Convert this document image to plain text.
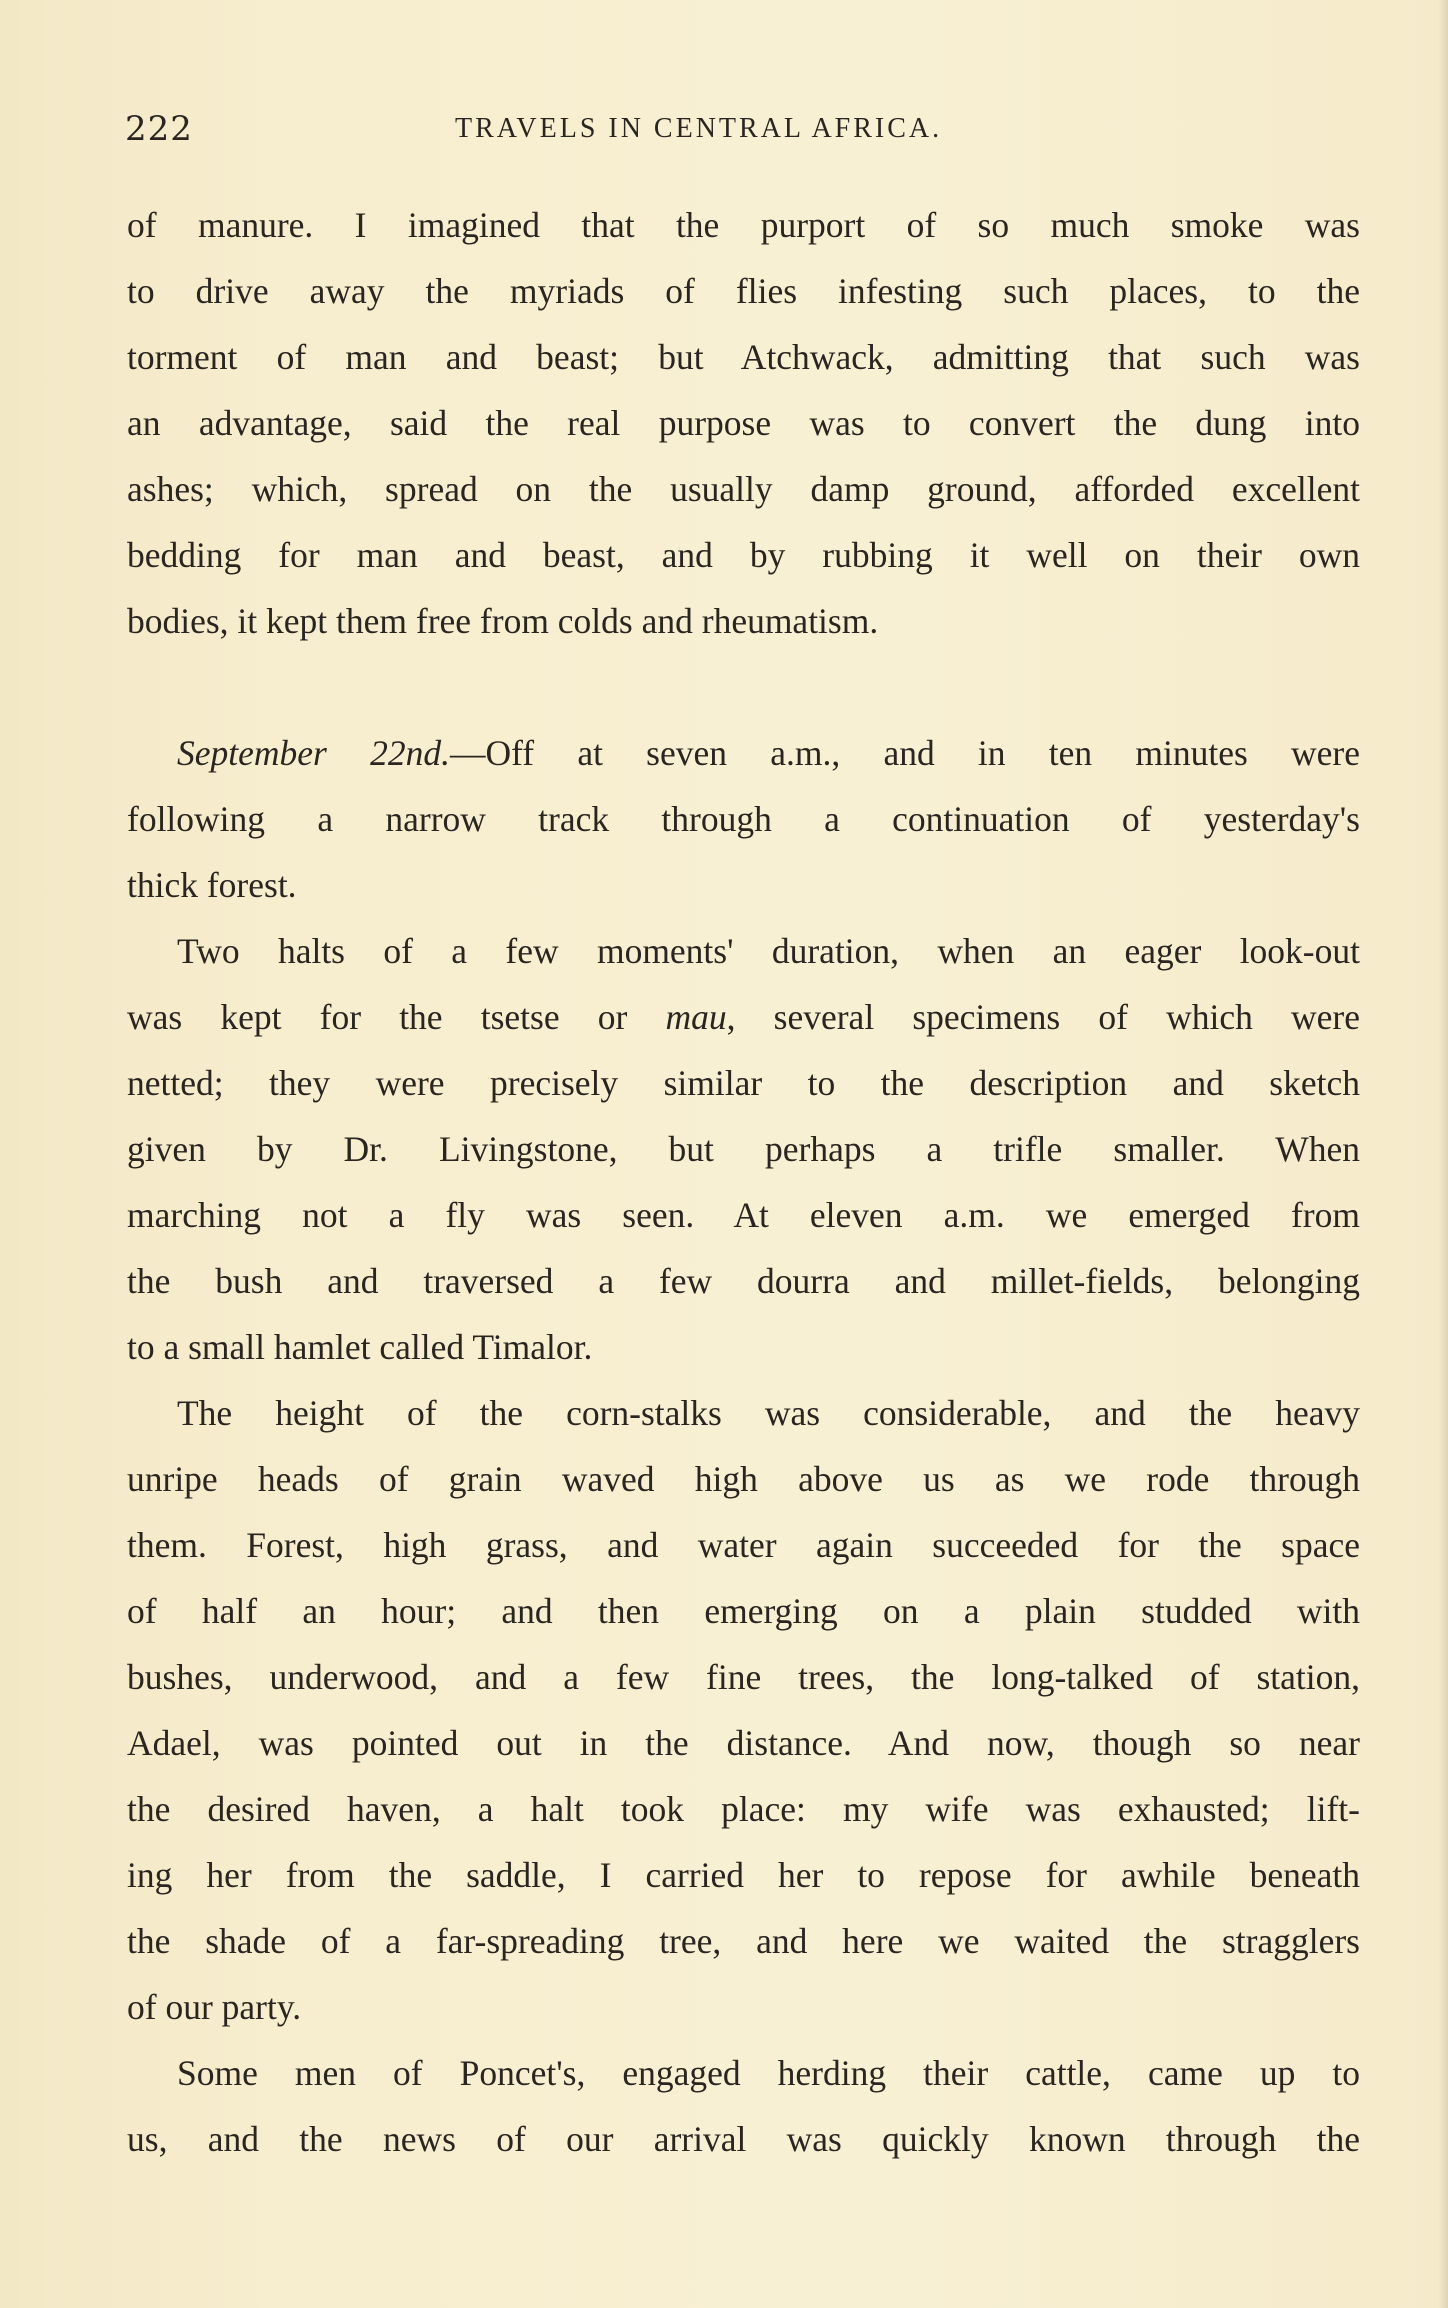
222	TRAVELS IN CENTRAL AFRICA.
of manure. I imagined that the purport of so much smoke was
to drive away the myriads of flies infesting such places, to the
torment of man and beast; but Atchwack, admitting that such was
an advantage, said the real purpose was to convert the dung into
ashes; which, spread on the usually damp ground, afforded excellent
bedding for man and beast, and by rubbing it well on their own
bodies, it kept them free from colds and rheumatism.
September 22nd.—Off at seven a.m., and in ten minutes were
following a narrow track through a continuation of yesterday's
thick forest.
Two halts of a few moments' duration, when an eager look-out
was kept for the tsetse or mau, several specimens of which were
netted; they were precisely similar to the description and sketch
given by Dr. Livingstone, but perhaps a trifle smaller. When
marching not a fly was seen. At eleven a.m. we emerged from
the bush and traversed a few dourra and millet-fields, belonging
to a small hamlet called Timalor.
The height of the corn-stalks was considerable, and the heavy
unripe heads of grain waved high above us as we rode through
them. Forest, high grass, and water again succeeded for the space
of half an hour; and then emerging on a plain studded with
bushes, underwood, and a few fine trees, the long-talked of station,
Adael, was pointed out in the distance. And now, though so near
the desired haven, a halt took place: my wife was exhausted; lift-
ing her from the saddle, I carried her to repose for awhile beneath
the shade of a far-spreading tree, and here we waited the stragglers
of our party.
Some men of Poncet's, engaged herding their cattle, came up to
us, and the news of our arrival was quickly known through the
